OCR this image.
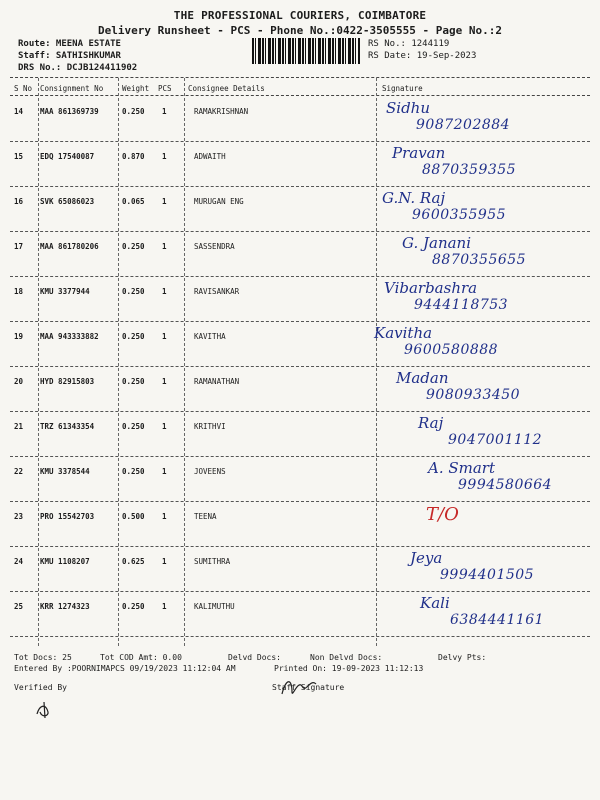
THE PROFESSIONAL COURIERS, COIMBATORE
Delivery Runsheet - PCS - Phone No.:0422-3505555 - Page No.:2
Route: MEENA ESTATE
Staff: SATHISHKUMAR
DRS No.: DCJB124411902
RS No.: 1244119
RS Date: 19-Sep-2023
S No Consignment No	Weight PCS Consignee Details	Signature
14 MAA 861369739	0.250 1	RAMAKRISHNAN	Sidhu
9087202884
15 EDQ 17540087	0.870 1	ADWAITH	Pravan
8870359355
16 SVK 65086023	0.065 1	MURUGAN ENG	G.N. Raj
9600355955
17 MAA 861780206	0.250 1	SASSENDRA	G. Janani
8870355655
18 KMU 3377944	0.250 1	RAVISANKAR	Vibarbashra
9444118753
19 MAA 943333882	0.250 1	KAVITHA	Kavitha
9600580888
20 HYD 82915803	0.250 1	RAMANATHAN	Madan
9080933450
21 TRZ 61343354	0.250 1	KRITHVI	Raj
9047001112
22 KMU 3378544	0.250 1	JOVEENS	A. Smart
9994580664
23 PRO 15542703	0.500 1	TEENA	T/O
24 KMU 1108207	0.625 1	SUMITHRA	Jeya
9994401505
25 KRR 1274323	0.250 1	KALIMUTHU	Kali
6384441161
Tot Docs: 25	Tot COD Amt: 0.00	Delvd Docs:	Non Delvd Docs:	Delvy Pts:
Entered By :POORNIMAPCS 09/19/2023 11:12:04 AM	Printed On: 19-09-2023 11:12:13
Verified By	Staff Signature
